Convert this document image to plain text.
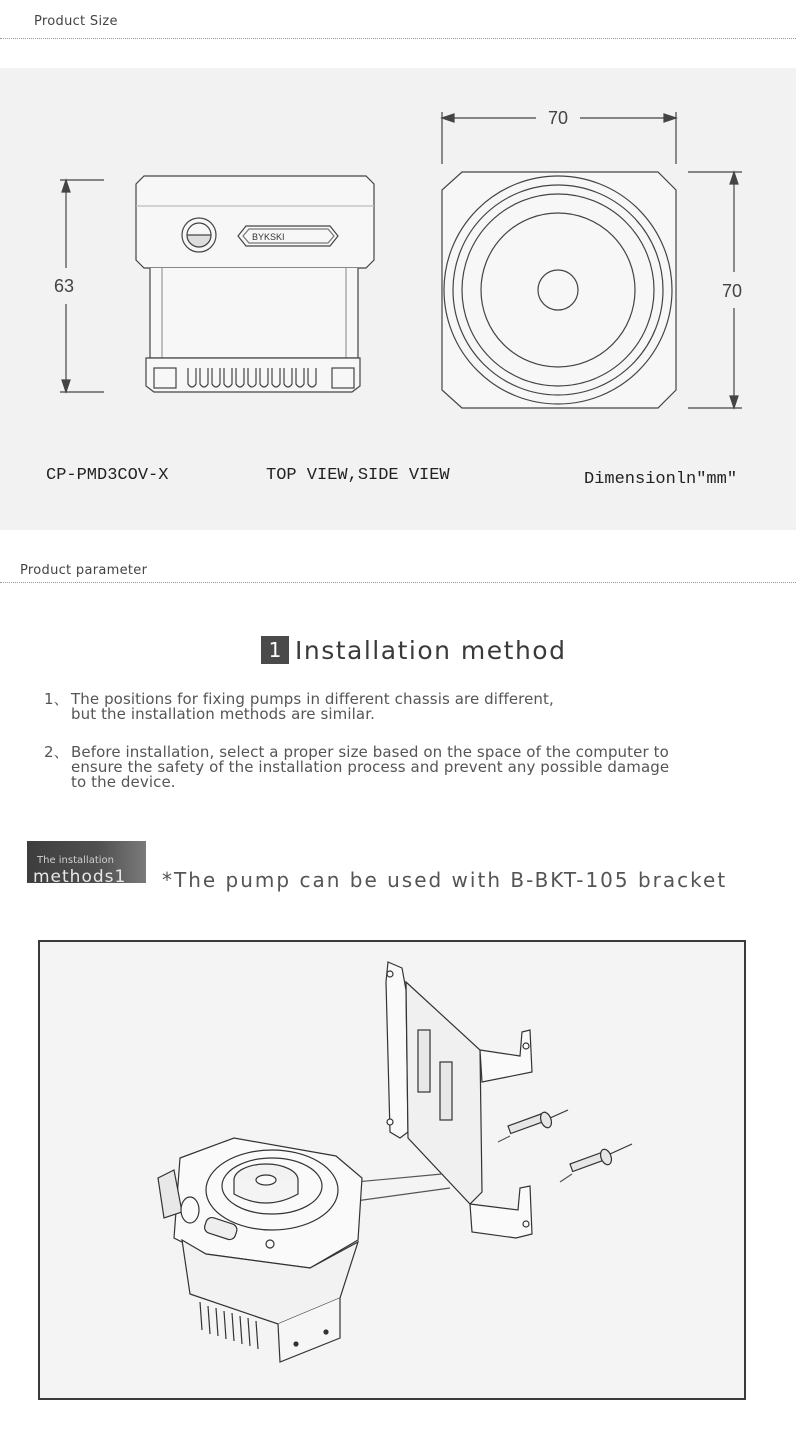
Product Size
BYKSKI
63
70
70
CP-PMD3COV-X	TOP VIEW,SIDE VIEW	Dimensionln"mm"
Product parameter
1 Installation method
1、 The positions for fixing pumps in different chassis are different,
but the installation methods are similar.
2、 Before installation, select a proper size based on the space of the computer to
ensure the safety of the installation process and prevent any possible damage
to the device.
The installation
methods1 *The pump can be used with B-BKT-105 bracket
